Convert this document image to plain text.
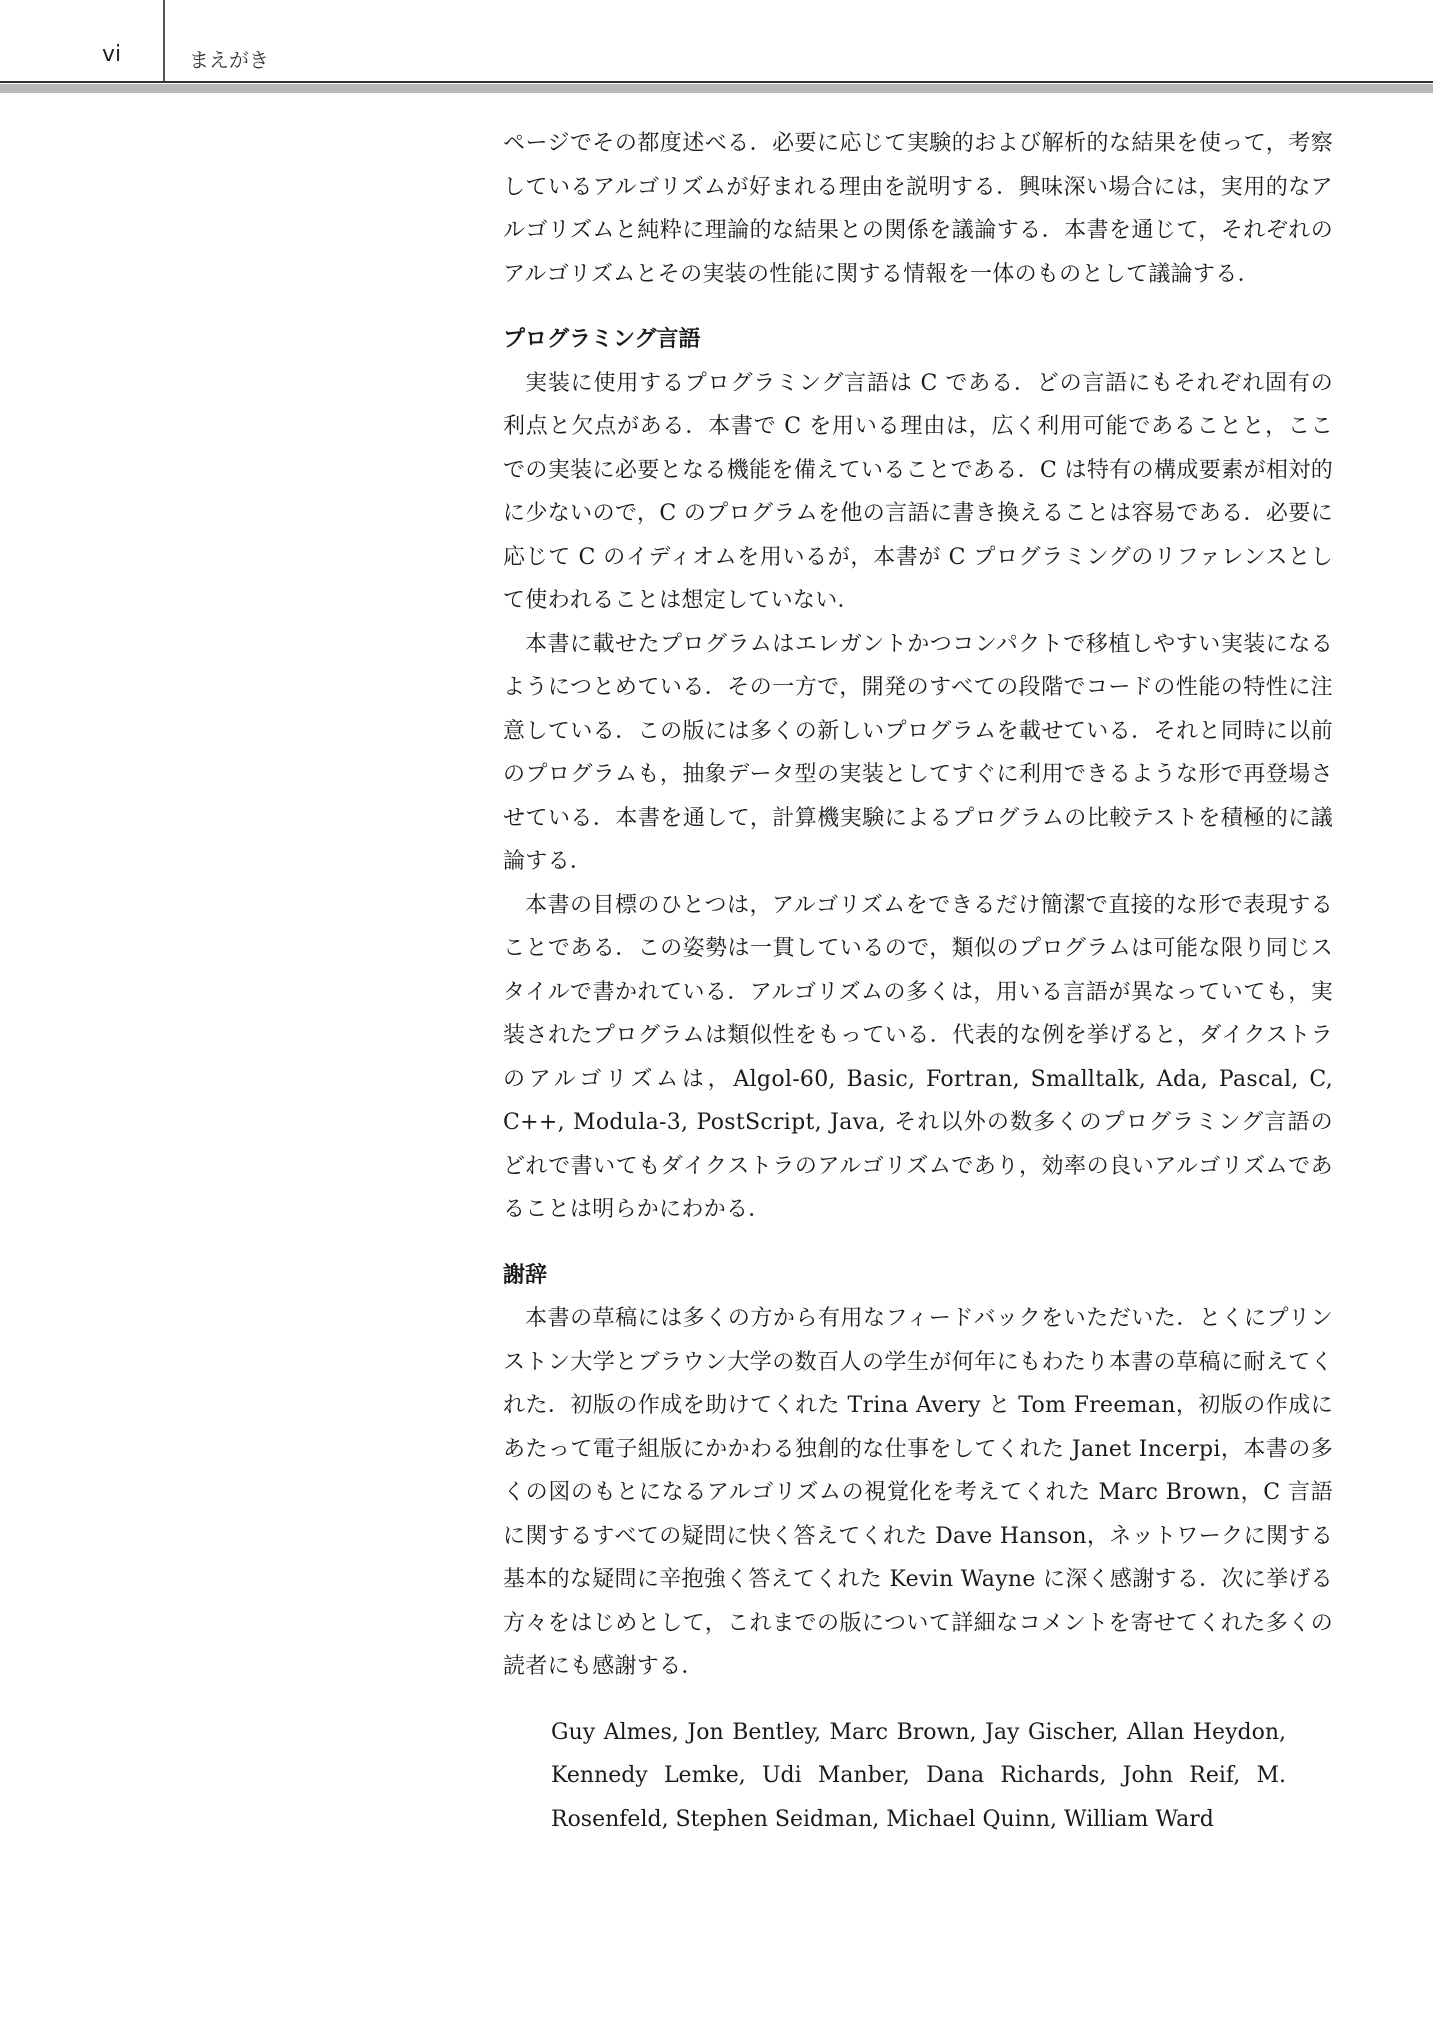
vi	まえがき

ページでその都度述べる．必要に応じて実験的および解析的な結果を使って，考察しているアルゴリズムが好まれる理由を説明する．興味深い場合には，実用的なアルゴリズムと純粋に理論的な結果との関係を議論する．本書を通じて，それぞれのアルゴリズムとその実装の性能に関する情報を一体のものとして議論する．

プログラミング言語

実装に使用するプログラミング言語は C である．どの言語にもそれぞれ固有の利点と欠点がある．本書で C を用いる理由は，広く利用可能であることと，ここでの実装に必要となる機能を備えていることである．C は特有の構成要素が相対的に少ないので，C のプログラムを他の言語に書き換えることは容易である．必要に応じて C のイディオムを用いるが，本書が C プログラミングのリファレンスとして使われることは想定していない．

本書に載せたプログラムはエレガントかつコンパクトで移植しやすい実装になるようにつとめている．その一方で，開発のすべての段階でコードの性能の特性に注意している．この版には多くの新しいプログラムを載せている．それと同時に以前のプログラムも，抽象データ型の実装としてすぐに利用できるような形で再登場させている．本書を通して，計算機実験によるプログラムの比較テストを積極的に議論する．

本書の目標のひとつは，アルゴリズムをできるだけ簡潔で直接的な形で表現することである．この姿勢は一貫しているので，類似のプログラムは可能な限り同じスタイルで書かれている．アルゴリズムの多くは，用いる言語が異なっていても，実装されたプログラムは類似性をもっている．代表的な例を挙げると，ダイクストラのアルゴリズムは，Algol-60, Basic, Fortran, Smalltalk, Ada, Pascal, C, C++, Modula-3, PostScript, Java, それ以外の数多くのプログラミング言語のどれで書いてもダイクストラのアルゴリズムであり，効率の良いアルゴリズムであることは明らかにわかる．

謝辞

本書の草稿には多くの方から有用なフィードバックをいただいた．とくにプリンストン大学とブラウン大学の数百人の学生が何年にもわたり本書の草稿に耐えてくれた．初版の作成を助けてくれた Trina Avery と Tom Freeman，初版の作成にあたって電子組版にかかわる独創的な仕事をしてくれた Janet Incerpi，本書の多くの図のもとになるアルゴリズムの視覚化を考えてくれた Marc Brown，C 言語に関するすべての疑問に快く答えてくれた Dave Hanson，ネットワークに関する基本的な疑問に辛抱強く答えてくれた Kevin Wayne に深く感謝する．次に挙げる方々をはじめとして，これまでの版について詳細なコメントを寄せてくれた多くの読者にも感謝する．

Guy Almes, Jon Bentley, Marc Brown, Jay Gischer, Allan Heydon, Kennedy Lemke, Udi Manber, Dana Richards, John Reif, M. Rosenfeld, Stephen Seidman, Michael Quinn, William Ward
